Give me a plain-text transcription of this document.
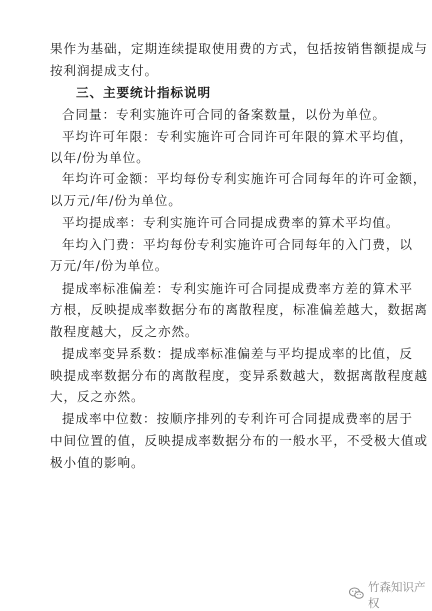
果作为基础，定期连续提取使用费的方式，包括按销售额提成与
按利润提成支付。
三、主要统计指标说明
合同量：专利实施许可合同的备案数量，以份为单位。
平均许可年限：专利实施许可合同许可年限的算术平均值，
以年/份为单位。
年均许可金额：平均每份专利实施许可合同每年的许可金额，
以万元/年/份为单位。
平均提成率：专利实施许可合同提成费率的算术平均值。
年均入门费：平均每份专利实施许可合同每年的入门费，以
万元/年/份为单位。
提成率标准偏差：专利实施许可合同提成费率方差的算术平
方根，反映提成率数据分布的离散程度，标准偏差越大，数据离
散程度越大，反之亦然。
提成率变异系数：提成率标准偏差与平均提成率的比值，反
映提成率数据分布的离散程度，变异系数越大，数据离散程度越
大，反之亦然。
提成率中位数：按顺序排列的专利许可合同提成费率的居于
中间位置的值，反映提成率数据分布的一般水平，不受极大值或
极小值的影响。
竹森知识产权
